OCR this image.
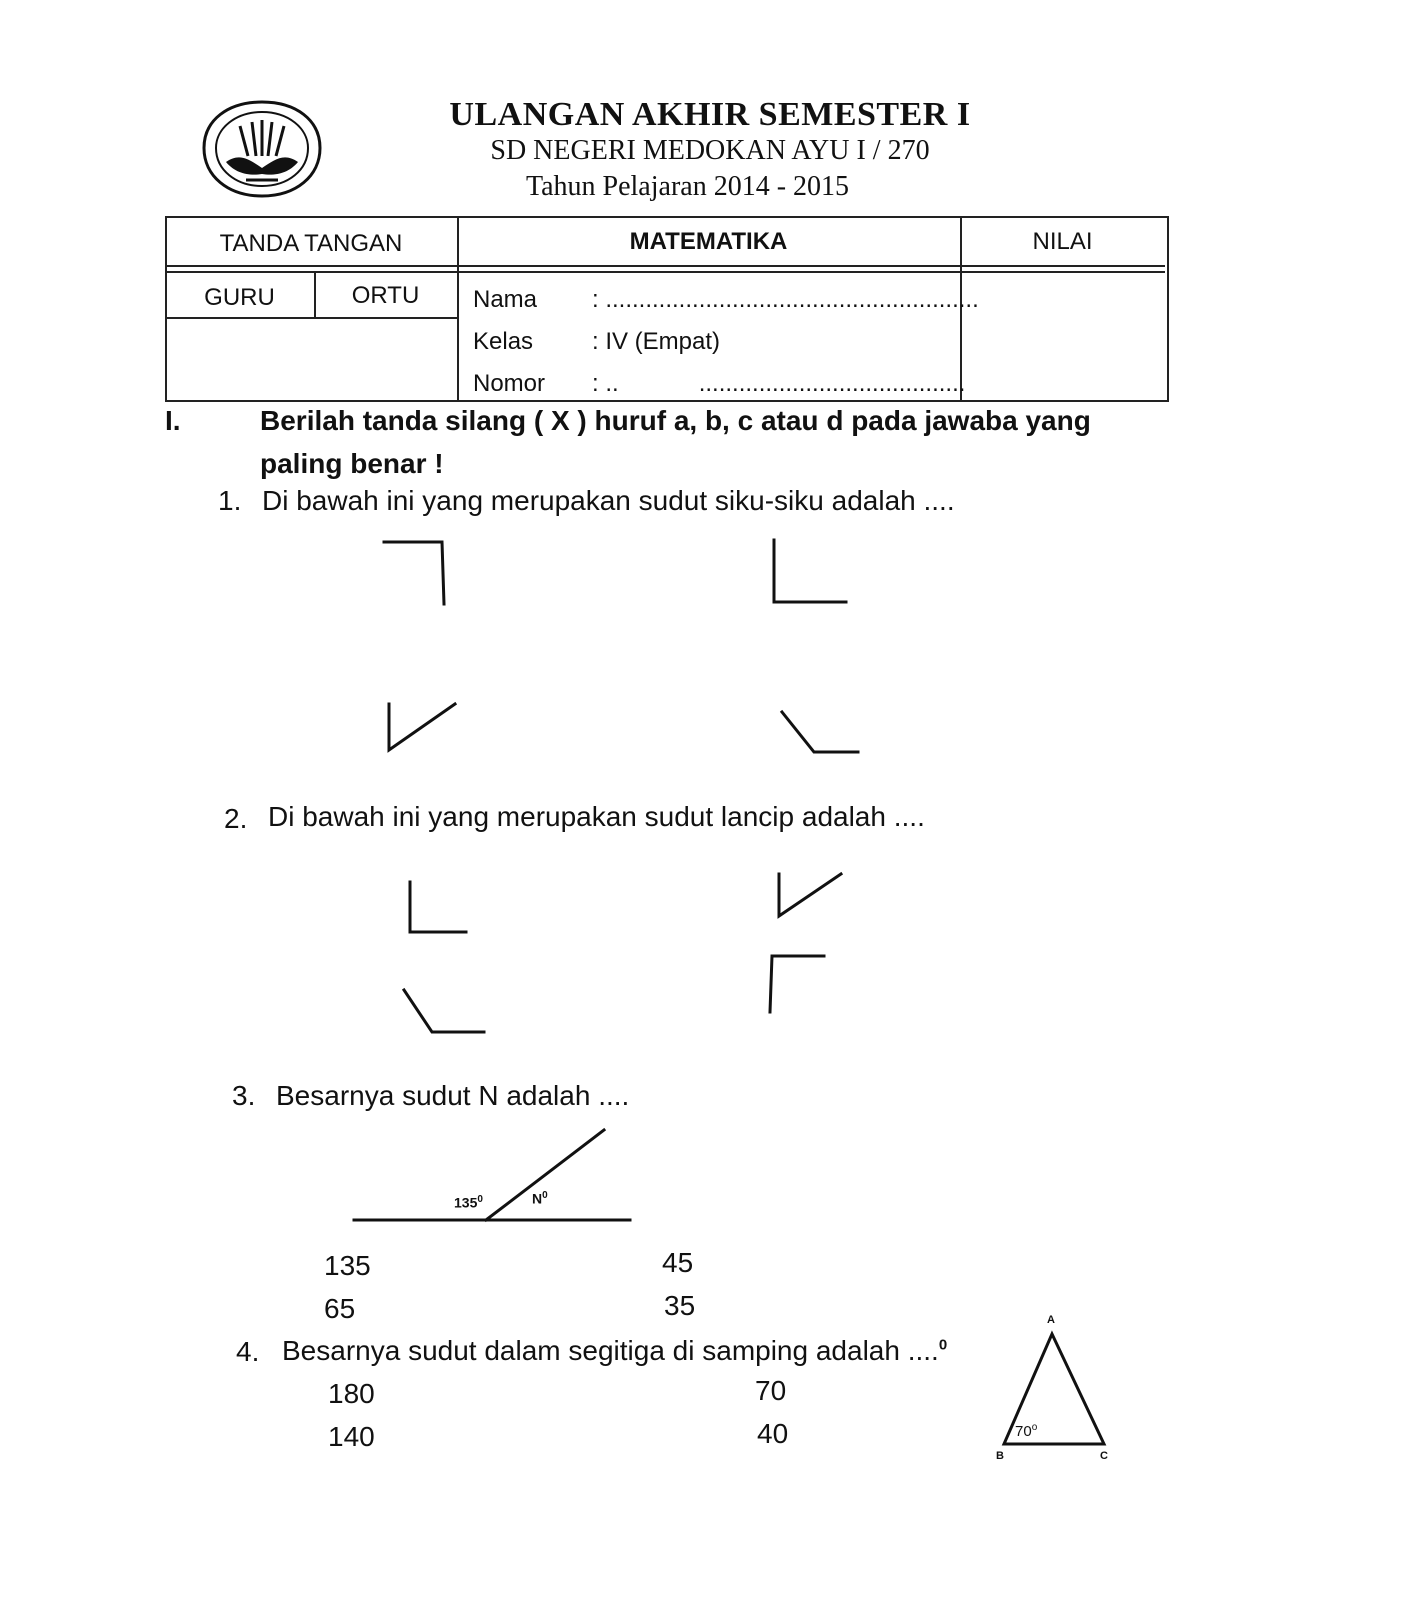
ULANGAN AKHIR SEMESTER I
SD NEGERI MEDOKAN AYU I / 270
Tahun Pelajaran 2014 - 2015
TANDA TANGAN	MATEMATIKA	NILAI
GURU	ORTU	Nama : ........................................................
Kelas : IV (Empat)
Nomor : ..            ........................................
I.	Berilah tanda silang ( X ) huruf a, b, c atau d pada jawaba yang
paling benar !
1. Di bawah ini yang merupakan sudut siku-siku adalah ....
2. Di bawah ini yang merupakan sudut lancip adalah ....
3. Besarnya sudut N adalah ....
$135^0$	$N^0$
135	45
65	35
4. Besarnya sudut dalam segitiga di samping adalah ....$^0$
180	70
140	40
A
B	C
70$^o$
